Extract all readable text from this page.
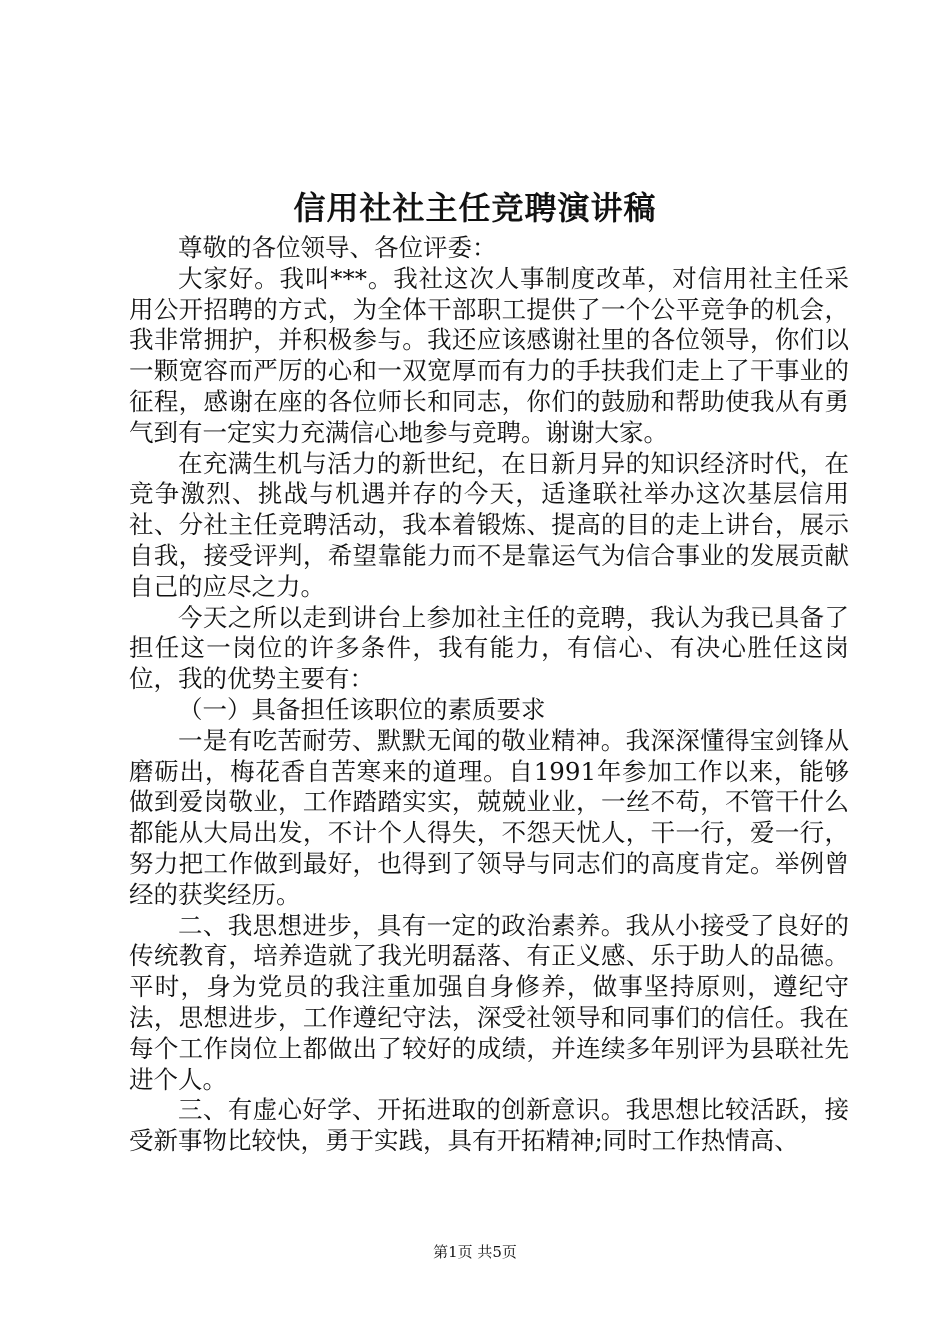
信用社社主任竞聘演讲稿

尊敬的各位领导、各位评委：

大家好。我叫***。我社这次人事制度改革，对信用社主任采用公开招聘的方式，为全体干部职工提供了一个公平竞争的机会，我非常拥护，并积极参与。我还应该感谢社里的各位领导，你们以一颗宽容而严厉的心和一双宽厚而有力的手扶我们走上了干事业的征程，感谢在座的各位师长和同志，你们的鼓励和帮助使我从有勇气到有一定实力充满信心地参与竞聘。谢谢大家。

在充满生机与活力的新世纪，在日新月异的知识经济时代，在竞争激烈、挑战与机遇并存的今天，适逢联社举办这次基层信用社、分社主任竞聘活动，我本着锻炼、提高的目的走上讲台，展示自我，接受评判，希望靠能力而不是靠运气为信合事业的发展贡献自己的应尽之力。

今天之所以走到讲台上参加社主任的竞聘，我认为我已具备了担任这一岗位的许多条件，我有能力，有信心、有决心胜任这岗位，我的优势主要有：

（一）具备担任该职位的素质要求

一是有吃苦耐劳、默默无闻的敬业精神。我深深懂得宝剑锋从磨砺出，梅花香自苦寒来的道理。自1991年参加工作以来，能够做到爱岗敬业，工作踏踏实实，兢兢业业，一丝不苟，不管干什么都能从大局出发，不计个人得失，不怨天忧人，干一行，爱一行，努力把工作做到最好，也得到了领导与同志们的高度肯定。举例曾经的获奖经历。

二、我思想进步，具有一定的政治素养。我从小接受了良好的传统教育，培养造就了我光明磊落、有正义感、乐于助人的品德。平时，身为党员的我注重加强自身修养，做事坚持原则，遵纪守法，思想进步，工作遵纪守法，深受社领导和同事们的信任。我在每个工作岗位上都做出了较好的成绩，并连续多年别评为县联社先进个人。

三、有虚心好学、开拓进取的创新意识。我思想比较活跃，接受新事物比较快，勇于实践，具有开拓精神;同时工作热情高、

第1页 共5页
